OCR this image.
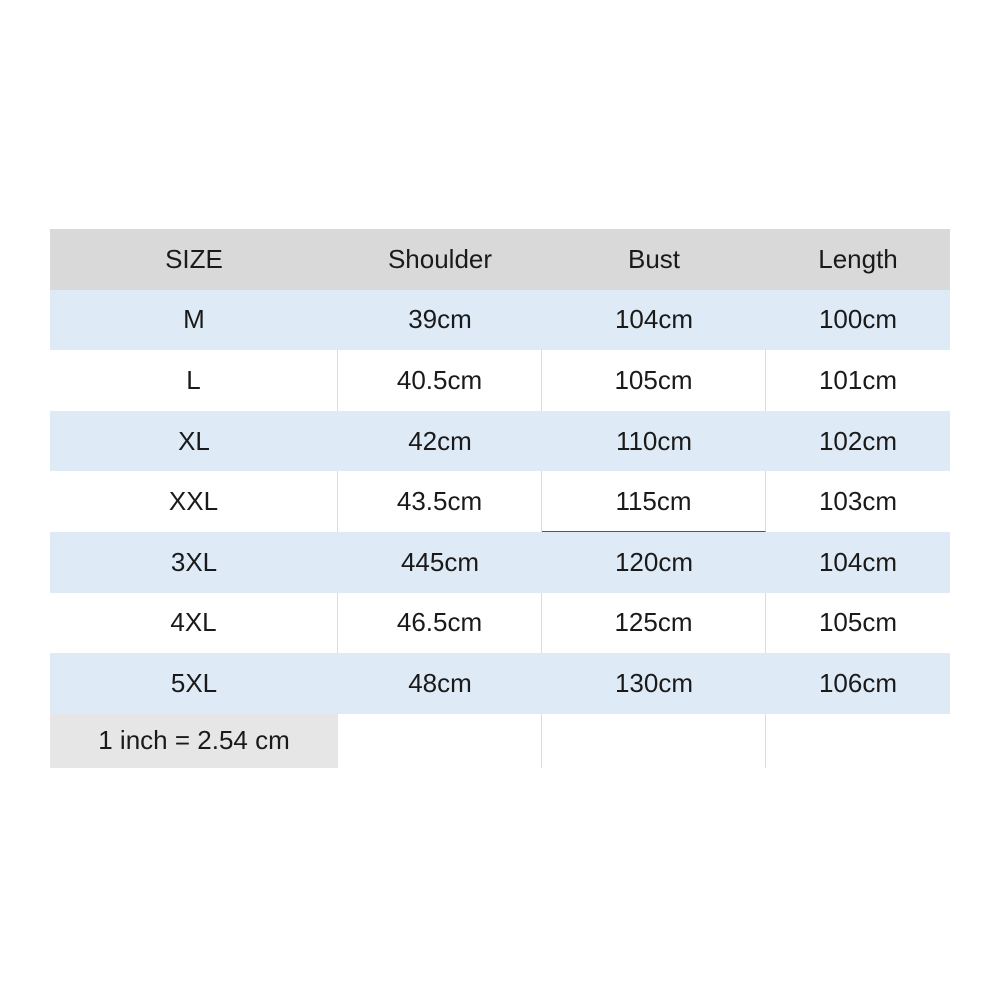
SIZE	Shoulder	Bust	Length
M	39cm	104cm	100cm
L	40.5cm	105cm	101cm
XL	42cm	110cm	102cm
XXL	43.5cm	115cm	103cm
3XL	445cm	120cm	104cm
4XL	46.5cm	125cm	105cm
5XL	48cm	130cm	106cm
1 inch = 2.54 cm
